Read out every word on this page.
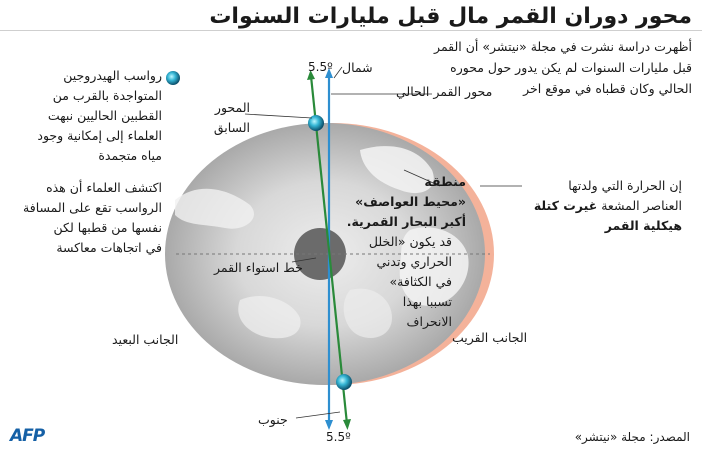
محور دوران القمر مال قبل مليارات السنوات
أظهرت دراسة نشرت في مجلة «نيتشر» أن القمر
قبل مليارات السنوات لم يكن يدور حول محوره
الحالي وكان قطباه في موقع اخر
رواسب الهيدروجين
المتواجدة بالقرب من
القطبين الحاليين نبهت
العلماء إلى إمكانية وجود
مياه متجمدة
اكتشف العلماء أن هذه
الرواسب تقع على المسافة
نفسها من قطبها لكن
في اتجاهات معاكسة
5.5º
5.5º
شمال
جنوب
محور القمر الحالي
المحور
السابق
منطقة
«محيط العواصف»
أكبر البحار القمرية.
إن الحرارة التي ولدتها
العناصر المشعة غيرت كتلة
هيكلية القمر
قد يكون «الخلل
الحراري وتدني
في الكثافة»
تسببا بهذا
الانحراف
خط استواء القمر
الجانب البعيد	الجانب القريب
المصدر: مجلة «نيتشر»
AFP
